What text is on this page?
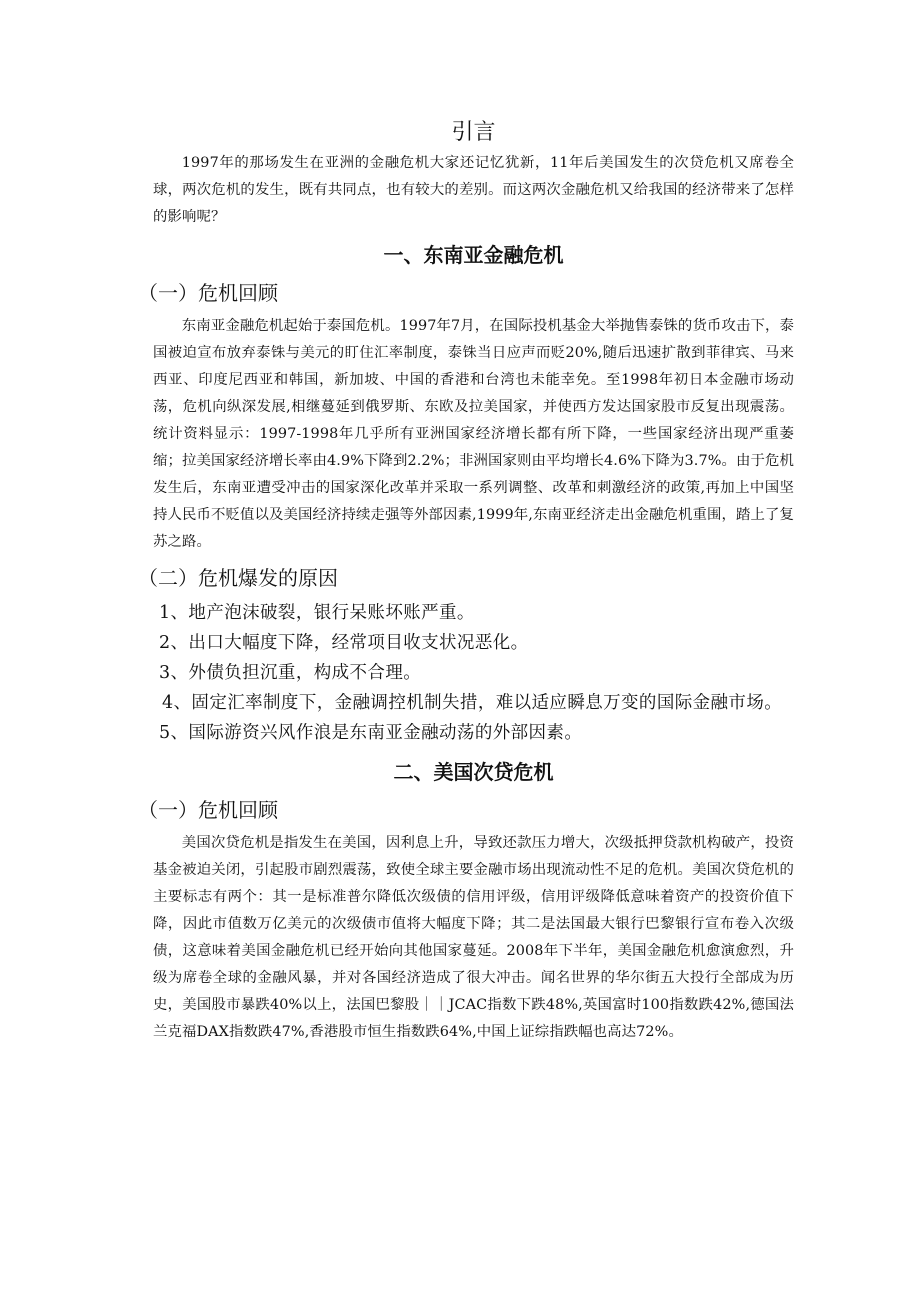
引言

1997年的那场发生在亚洲的金融危机大家还记忆犹新，11年后美国发生的次贷危机又席卷全球，两次危机的发生，既有共同点，也有较大的差别。而这两次金融危机又给我国的经济带来了怎样的影响呢？

一、东南亚金融危机
（一）危机回顾

东南亚金融危机起始于泰国危机。1997年7月，在国际投机基金大举抛售泰铢的货币攻击下，泰国被迫宣布放弃泰铢与美元的盯住汇率制度，泰铢当日应声而贬20%,随后迅速扩散到菲律宾、马来西亚、印度尼西亚和韩国，新加坡、中国的香港和台湾也未能幸免。至1998年初日本金融市场动荡，危机向纵深发展,相继蔓延到俄罗斯、东欧及拉美国家，并使西方发达国家股市反复出现震荡。统计资料显示：1997-1998年几乎所有亚洲国家经济增长都有所下降，一些国家经济出现严重萎缩；拉美国家经济增长率由4.9%下降到2.2%；非洲国家则由平均增长4.6%下降为3.7%。由于危机发生后，东南亚遭受冲击的国家深化改革并采取一系列调整、改革和刺激经济的政策,再加上中国坚持人民币不贬值以及美国经济持续走强等外部因素,1999年,东南亚经济走出金融危机重围，踏上了复苏之路。

（二）危机爆发的原因
1、地产泡沫破裂，银行呆账坏账严重。
2、出口大幅度下降，经常项目收支状况恶化。
3、外债负担沉重，构成不合理。
4、固定汇率制度下，金融调控机制失措，难以适应瞬息万变的国际金融市场。
5、国际游资兴风作浪是东南亚金融动荡的外部因素。
二、美国次贷危机
（一）危机回顾

美国次贷危机是指发生在美国，因利息上升，导致还款压力增大，次级抵押贷款机构破产，投资基金被迫关闭，引起股市剧烈震荡，致使全球主要金融市场出现流动性不足的危机。美国次贷危机的主要标志有两个：其一是标准普尔降低次级债的信用评级，信用评级降低意味着资产的投资价值下降，因此市值数万亿美元的次级债市值将大幅度下降；其二是法国最大银行巴黎银行宣布卷入次级债，这意味着美国金融危机已经开始向其他国家蔓延。2008年下半年，美国金融危机愈演愈烈，升级为席卷全球的金融风暴，并对各国经济造成了很大冲击。闻名世界的华尔街五大投行全部成为历史，美国股市暴跌40%以上，法国巴黎股｜｜JCAC指数下跌48%,英国富时100指数跌42%,德国法兰克福DAX指数跌47%,香港股市恒生指数跌64%,中国上证综指跌幅也高达72%。
